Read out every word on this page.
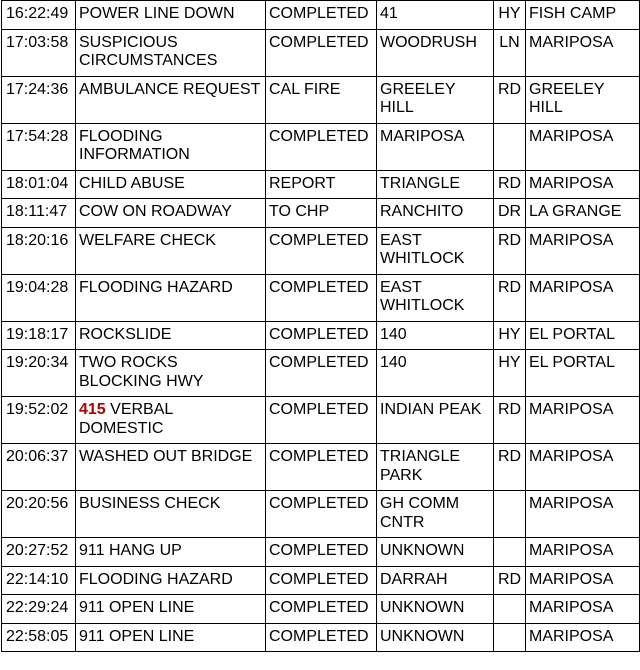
16:22:49	POWER LINE DOWN	COMPLETED	41	HY	FISH CAMP

17:03:58	SUSPICIOUS
CIRCUMSTANCES	COMPLETED	WOODRUSH	LN	MARIPOSA

17:24:36	AMBULANCE REQUEST	CAL FIRE	GREELEY
HILL	RD	GREELEY
HILL

17:54:28	FLOODING
INFORMATION	COMPLETED	MARIPOSA		MARIPOSA

18:01:04	CHILD ABUSE	REPORT	TRIANGLE	RD	MARIPOSA

18:11:47	COW ON ROADWAY	TO CHP	RANCHITO	DR	LA GRANGE

18:20:16	WELFARE CHECK	COMPLETED	EAST
WHITLOCK	RD	MARIPOSA

19:04:28	FLOODING HAZARD	COMPLETED	EAST
WHITLOCK	RD	MARIPOSA

19:18:17	ROCKSLIDE	COMPLETED	140	HY	EL PORTAL

19:20:34	TWO ROCKS
BLOCKING HWY	COMPLETED	140	HY	EL PORTAL

19:52:02	415 VERBAL
DOMESTIC	COMPLETED	INDIAN PEAK	RD	MARIPOSA

20:06:37	WASHED OUT BRIDGE	COMPLETED	TRIANGLE
PARK	RD	MARIPOSA

20:20:56	BUSINESS CHECK	COMPLETED	GH COMM
CNTR		MARIPOSA

20:27:52	911 HANG UP	COMPLETED	UNKNOWN		MARIPOSA

22:14:10	FLOODING HAZARD	COMPLETED	DARRAH	RD	MARIPOSA

22:29:24	911 OPEN LINE	COMPLETED	UNKNOWN		MARIPOSA

22:58:05	911 OPEN LINE	COMPLETED	UNKNOWN		MARIPOSA
